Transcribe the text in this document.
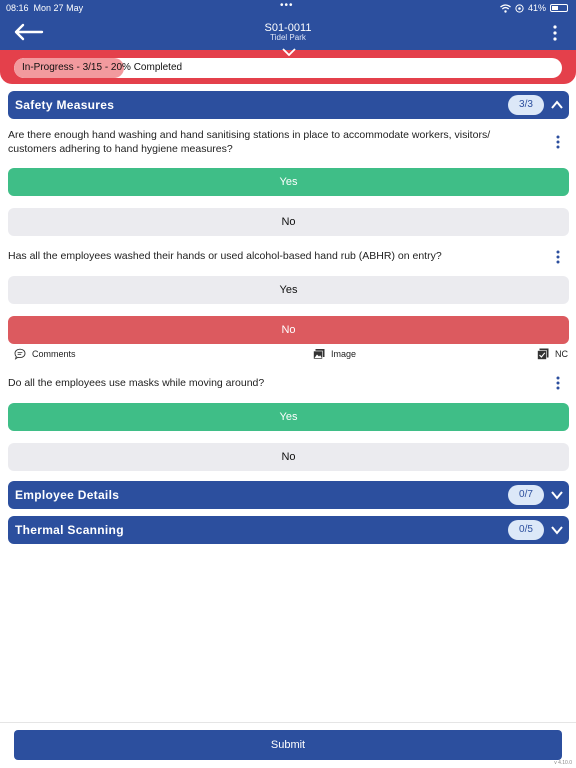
08:16 Mon 27 May	•••	41%
S01-0011
Tidel Park
In-Progress - 3/15 - 20% Completed
Safety Measures	3/3
Are there enough hand washing and hand sanitising stations in place to accommodate workers, visitors/ customers adhering to hand hygiene measures?
Yes
No
Has all the employees washed their hands or used alcohol-based hand rub (ABHR) on entry?
Yes
No
Comments	Image	NC
Do all the employees use masks while moving around?
Yes
No
Employee Details	0/7
Thermal Scanning	0/5
Submit
v 4.10.0
